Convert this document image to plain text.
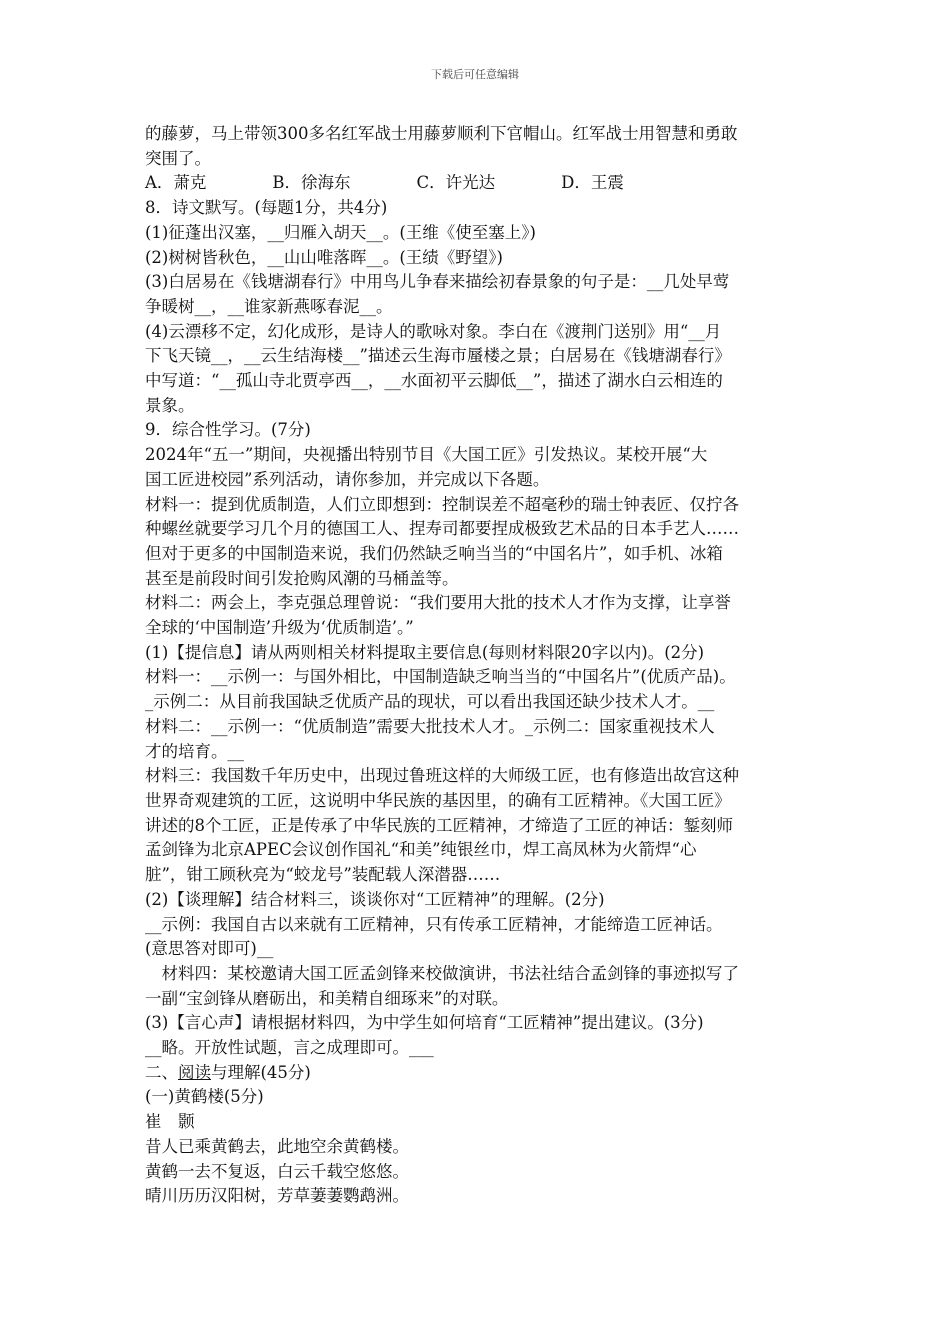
下载后可任意编辑

的藤萝，马上带领300多名红军战士用藤萝顺利下官帽山。红军战士用智慧和勇敢

突围了。

A．萧克　　　　B．徐海东　　　　C．许光达　　　　D．王震

8．诗文默写。(每题1分，共4分)

(1)征蓬出汉塞，__归雁入胡天__。(王维《使至塞上》)

(2)树树皆秋色，__山山唯落晖__。(王绩《野望》)

(3)白居易在《钱塘湖春行》中用鸟儿争春来描绘初春景象的句子是：__几处早莺

争暖树__，__谁家新燕啄春泥__。

(4)云漂移不定，幻化成形，是诗人的歌咏对象。李白在《渡荆门送别》用“__月

下飞天镜__，__云生结海楼__”描述云生海市蜃楼之景；白居易在《钱塘湖春行》

中写道：“__孤山寺北贾亭西__，__水面初平云脚低__”，描述了湖水白云相连的

景象。

9．综合性学习。(7分)

2024年“五一”期间，央视播出特别节目《大国工匠》引发热议。某校开展“大

国工匠进校园”系列活动，请你参加，并完成以下各题。

材料一：提到优质制造，人们立即想到：控制误差不超毫秒的瑞士钟表匠、仅拧各

种螺丝就要学习几个月的德国工人、捏寿司都要捏成极致艺术品的日本手艺人……

但对于更多的中国制造来说，我们仍然缺乏响当当的“中国名片”，如手机、冰箱

甚至是前段时间引发抢购风潮的马桶盖等。

材料二：两会上，李克强总理曾说：“我们要用大批的技术人才作为支撑，让享誉

全球的‘中国制造’升级为‘优质制造’。”

(1)【提信息】请从两则相关材料提取主要信息(每则材料限20字以内)。(2分)

材料一：__示例一：与国外相比，中国制造缺乏响当当的“中国名片”(优质产品)。

_示例二：从目前我国缺乏优质产品的现状，可以看出我国还缺少技术人才。__

材料二：__示例一：“优质制造”需要大批技术人才。_示例二：国家重视技术人

才的培育。__

材料三：我国数千年历史中，出现过鲁班这样的大师级工匠，也有修造出故宫这种

世界奇观建筑的工匠，这说明中华民族的基因里，的确有工匠精神。《大国工匠》

讲述的8个工匠，正是传承了中华民族的工匠精神，才缔造了工匠的神话：錾刻师

孟剑锋为北京APEC会议创作国礼“和美”纯银丝巾，焊工高凤林为火箭焊“心

脏”，钳工顾秋亮为“蛟龙号”装配载人深潜器……

(2)【谈理解】结合材料三，谈谈你对“工匠精神”的理解。(2分)

__示例：我国自古以来就有工匠精神，只有传承工匠精神，才能缔造工匠神话。

(意思答对即可)__

　材料四：某校邀请大国工匠孟剑锋来校做演讲，书法社结合孟剑锋的事迹拟写了

一副“宝剑锋从磨砺出，和美精自细琢来”的对联。

(3)【言心声】请根据材料四，为中学生如何培育“工匠精神”提出建议。(3分)

__略。开放性试题，言之成理即可。___

二、阅读与理解(45分)

(一)黄鹤楼(5分)

崔　颢

昔人已乘黄鹤去，此地空余黄鹤楼。

黄鹤一去不复返，白云千载空悠悠。

晴川历历汉阳树，芳草萋萋鹦鹉洲。
